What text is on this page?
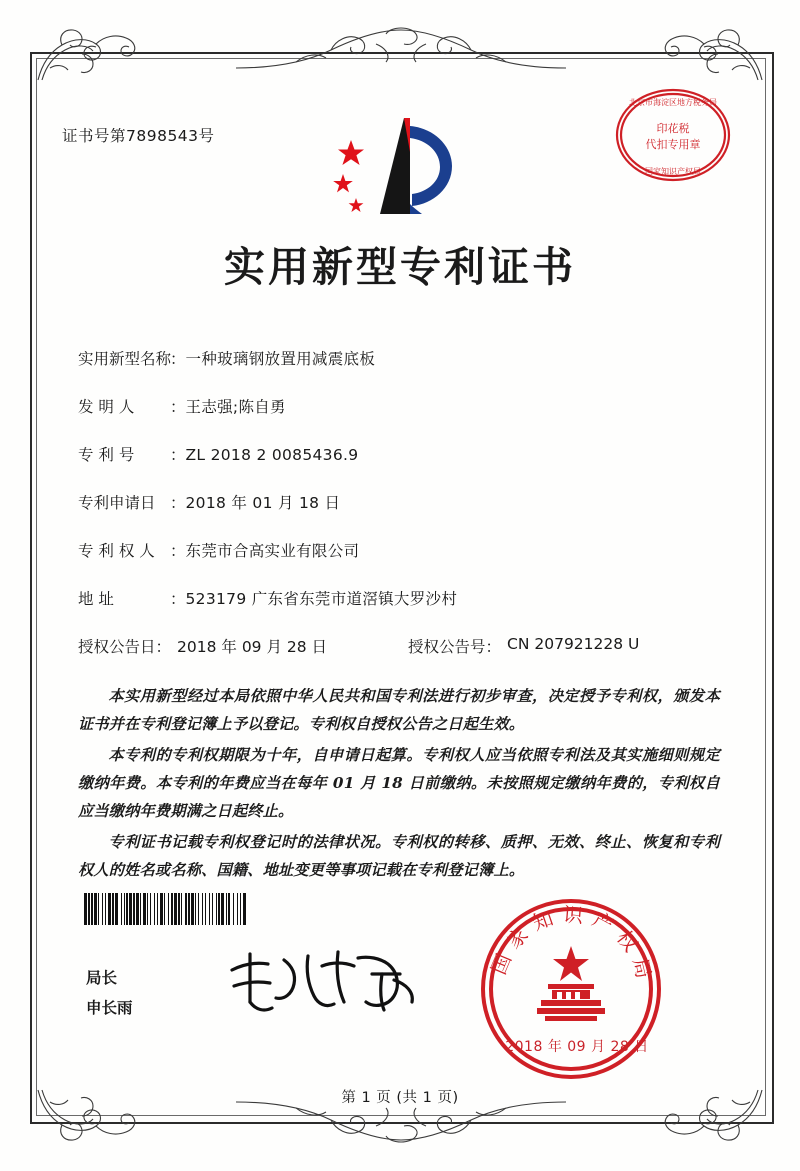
证书号第7898543号
北京市海淀区地方税务局
印花税
代扣专用章
国家知识产权局
实用新型专利证书
实用新型名称
： 一种玻璃钢放置用减震底板
发 明 人	： 王志强;陈自勇
专 利 号	： ZL 2018 2 0085436.9
专利申请日 ： 2018 年 01 月 18 日
专 利 权 人 ： 东莞市合高实业有限公司
地 址	： 523179 广东省东莞市道滘镇大罗沙村
授权公告日： 2018 年 09 月 28 日	授权公告号： CN 207921228 U

本实用新型经过本局依照中华人民共和国专利法进行初步审查，决定授予专利权，颁发本证书并在专利登记簿上予以登记。专利权自授权公告之日起生效。

本专利的专利权期限为十年，自申请日起算。专利权人应当依照专利法及其实施细则规定缴纳年费。本专利的年费应当在每年 01 月 18 日前缴纳。未按照规定缴纳年费的，专利权自应当缴纳年费期满之日起终止。

专利证书记载专利权登记时的法律状况。专利权的转移、质押、无效、终止、恢复和专利权人的姓名或名称、国籍、地址变更等事项记载在专利登记簿上。

局长
申长雨
国家知识产权局
2018 年 09 月 28 日
第 1 页 (共 1 页)
